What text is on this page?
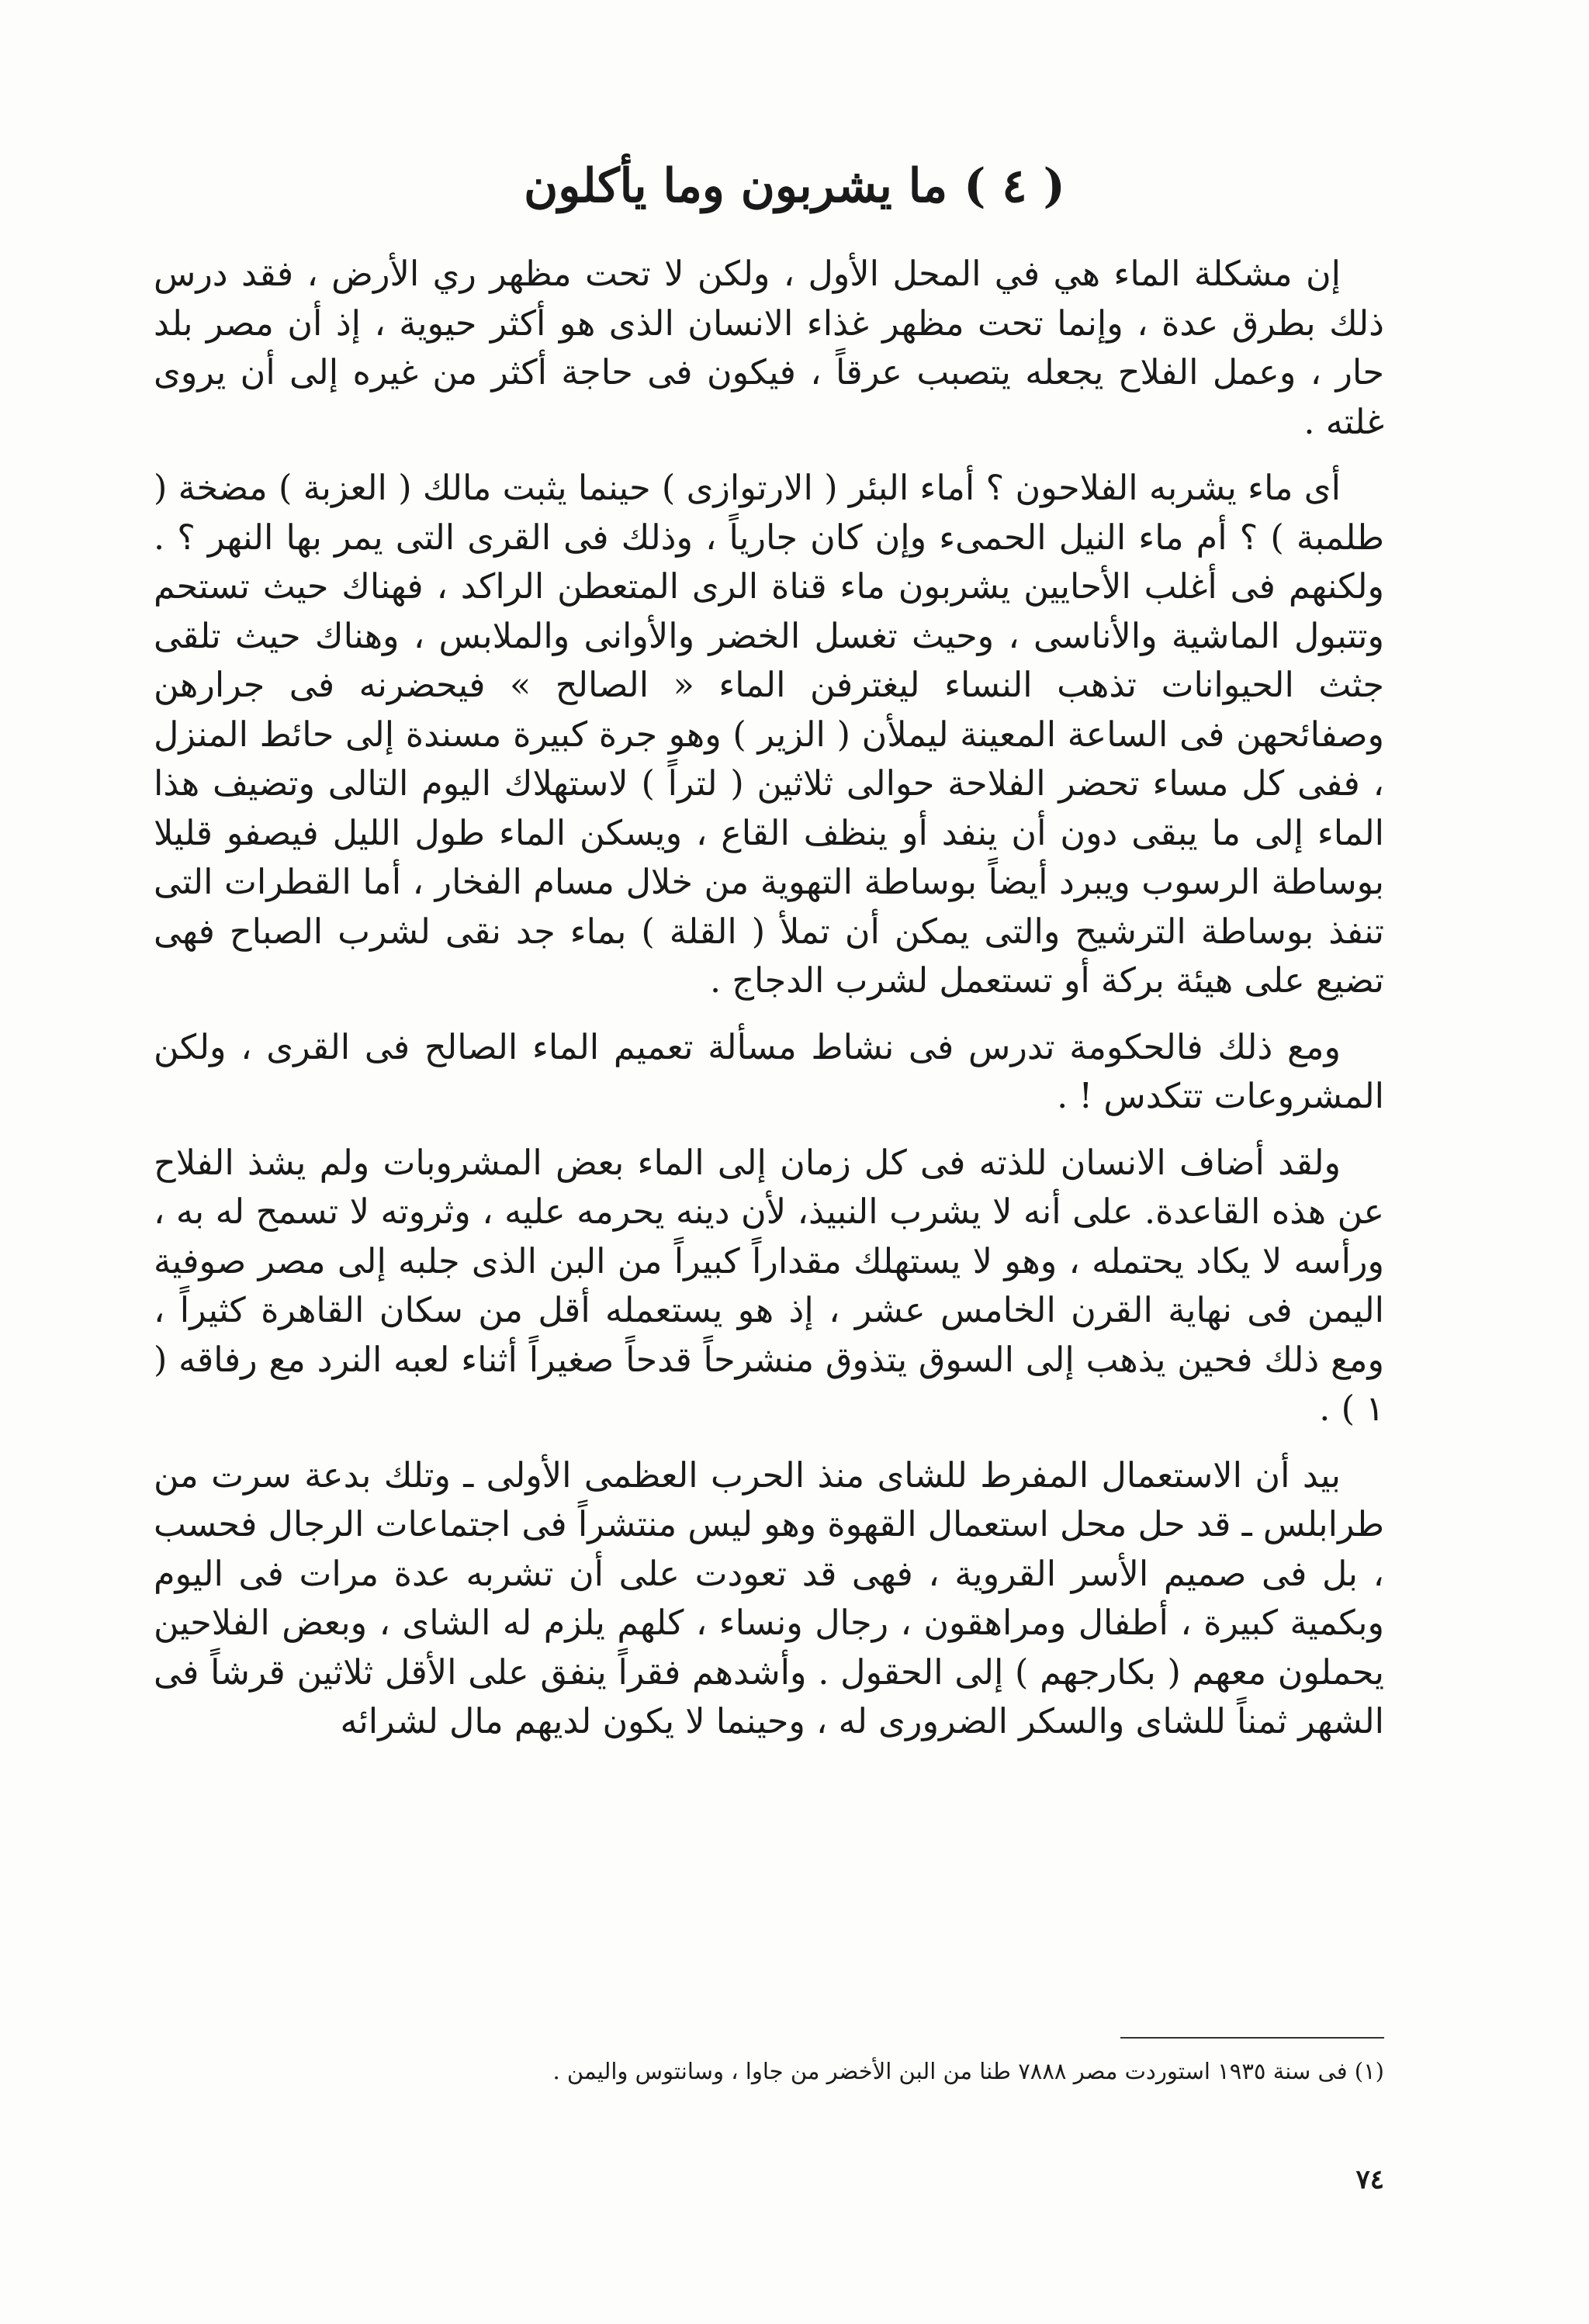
( ٤ ) ما يشربون وما يأكلون

إن مشكلة الماء هي في المحل الأول ، ولكن لا تحت مظهر ري الأرض ، فقد درس ذلك بطرق عدة ، وإنما تحت مظهر غذاء الانسان الذى هو أكثر حيوية ، إذ أن مصر بلد حار ، وعمل الفلاح يجعله يتصبب عرقاً ، فيكون فى حاجة أكثر من غيره إلى أن يروى غلته .

أى ماء يشربه الفلاحون ؟ أماء البئر ( الارتوازى ) حينما يثبت مالك ( العزبة ) مضخة ( طلمبة ) ؟ أم ماء النيل الحمىء وإن كان جارياً ، وذلك فى القرى التى يمر بها النهر ؟ . ولكنهم فى أغلب الأحايين يشربون ماء قناة الرى المتعطن الراكد ، فهناك حيث تستحم وتتبول الماشية والأناسى ، وحيث تغسل الخضر والأوانى والملابس ، وهناك حيث تلقى جثث الحيوانات تذهب النساء ليغترفن الماء « الصالح » فيحضرنه فى جرارهن وصفائحهن فى الساعة المعينة ليملأن ( الزير ) وهو جرة كبيرة مسندة إلى حائط المنزل ، ففى كل مساء تحضر الفلاحة حوالى ثلاثين ( لتراً ) لاستهلاك اليوم التالى وتضيف هذا الماء إلى ما يبقى دون أن ينفد أو ينظف القاع ، ويسكن الماء طول الليل فيصفو قليلا بوساطة الرسوب ويبرد أيضاً بوساطة التهوية من خلال مسام الفخار ، أما القطرات التى تنفذ بوساطة الترشيح والتى يمكن أن تملأ ( القلة ) بماء جد نقى لشرب الصباح فهى تضيع على هيئة بركة أو تستعمل لشرب الدجاج .

ومع ذلك فالحكومة تدرس فى نشاط مسألة تعميم الماء الصالح فى القرى ، ولكن المشروعات تتكدس ! .

ولقد أضاف الانسان للذته فى كل زمان إلى الماء بعض المشروبات ولم يشذ الفلاح عن هذه القاعدة. على أنه لا يشرب النبيذ، لأن دينه يحرمه عليه ، وثروته لا تسمح له به ، ورأسه لا يكاد يحتمله ، وهو لا يستهلك مقداراً كبيراً من البن الذى جلبه إلى مصر صوفية اليمن فى نهاية القرن الخامس عشر ، إذ هو يستعمله أقل من سكان القاهرة كثيراً ، ومع ذلك فحين يذهب إلى السوق يتذوق منشرحاً قدحاً صغيراً أثناء لعبه النرد مع رفاقه ( ١ ) .

بيد أن الاستعمال المفرط للشاى منذ الحرب العظمى الأولى ـ وتلك بدعة سرت من طرابلس ـ قد حل محل استعمال القهوة وهو ليس منتشراً فى اجتماعات الرجال فحسب ، بل فى صميم الأسر القروية ، فهى قد تعودت على أن تشربه عدة مرات فى اليوم وبكمية كبيرة ، أطفال ومراهقون ، رجال ونساء ، كلهم يلزم له الشاى ، وبعض الفلاحين يحملون معهم ( بكارجهم ) إلى الحقول . وأشدهم فقراً ينفق على الأقل ثلاثين قرشاً فى الشهر ثمناً للشاى والسكر الضرورى له ، وحينما لا يكون لديهم مال لشرائه

(١) فى سنة ١٩٣٥ استوردت مصر ٧٨٨٨ طنا من البن الأخضر من جاوا ، وسانتوس واليمن .
٧٤
